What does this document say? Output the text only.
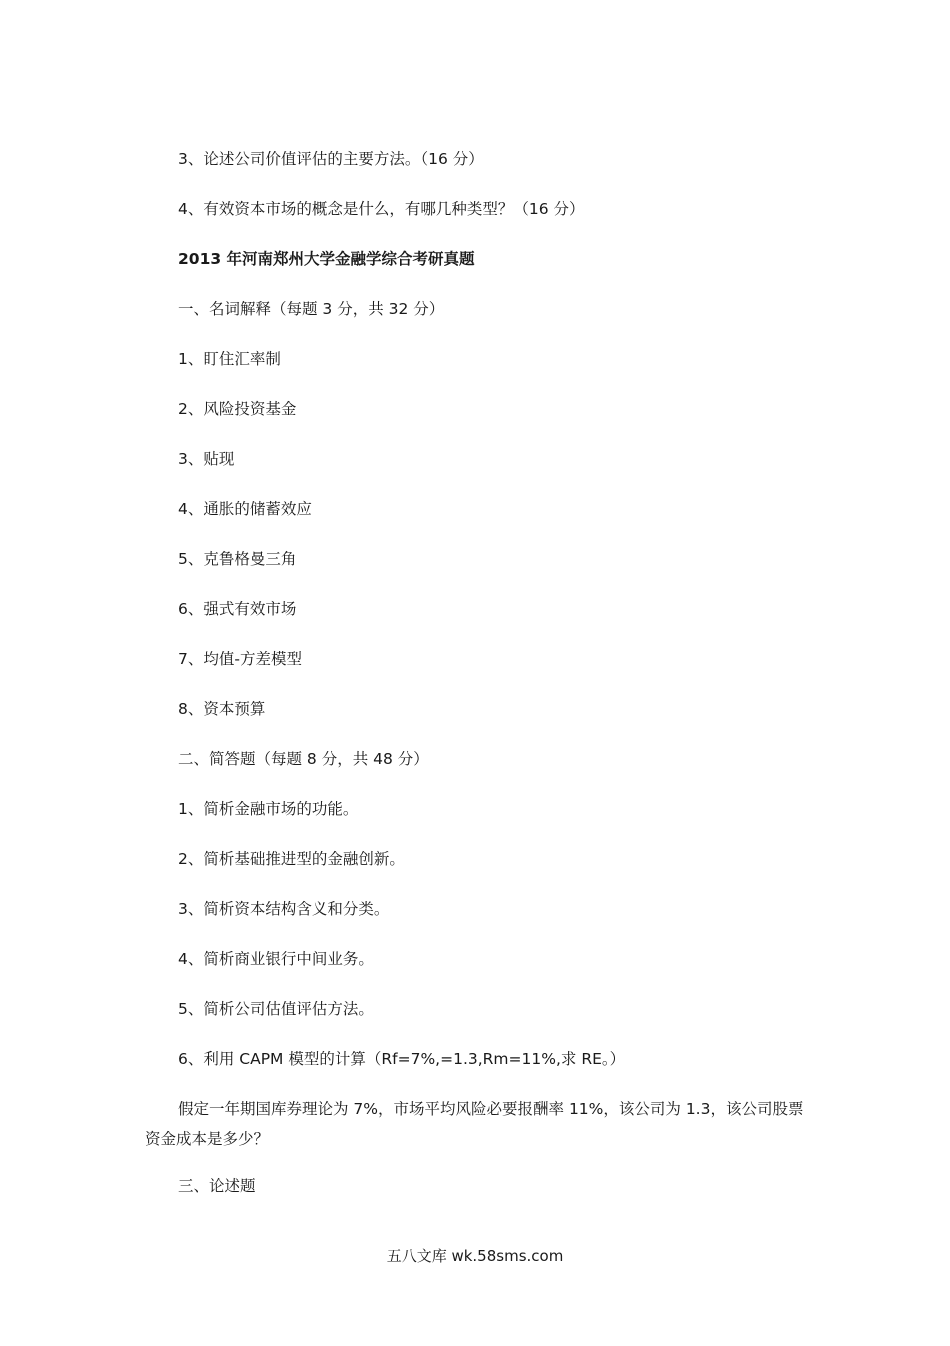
3、论述公司价值评估的主要方法。（16 分）
4、有效资本市场的概念是什么，有哪几种类型？（16 分）
2013 年河南郑州大学金融学综合考研真题
一、名词解释（每题 3 分，共 32 分）
1、盯住汇率制
2、风险投资基金
3、贴现
4、通胀的储蓄效应
5、克鲁格曼三角
6、强式有效市场
7、均值-方差模型
8、资本预算
二、简答题（每题 8 分，共 48 分）
1、简析金融市场的功能。
2、简析基础推进型的金融创新。
3、简析资本结构含义和分类。
4、简析商业银行中间业务。
5、简析公司估值评估方法。
6、利用 CAPM 模型的计算（Rf=7%,=1.3,Rm=11%,求 RE。）
假定一年期国库券理论为 7%，市场平均风险必要报酬率 11%，该公司为 1.3，该公司股票资金成本是多少？
三、论述题
五八文库 wk.58sms.com
